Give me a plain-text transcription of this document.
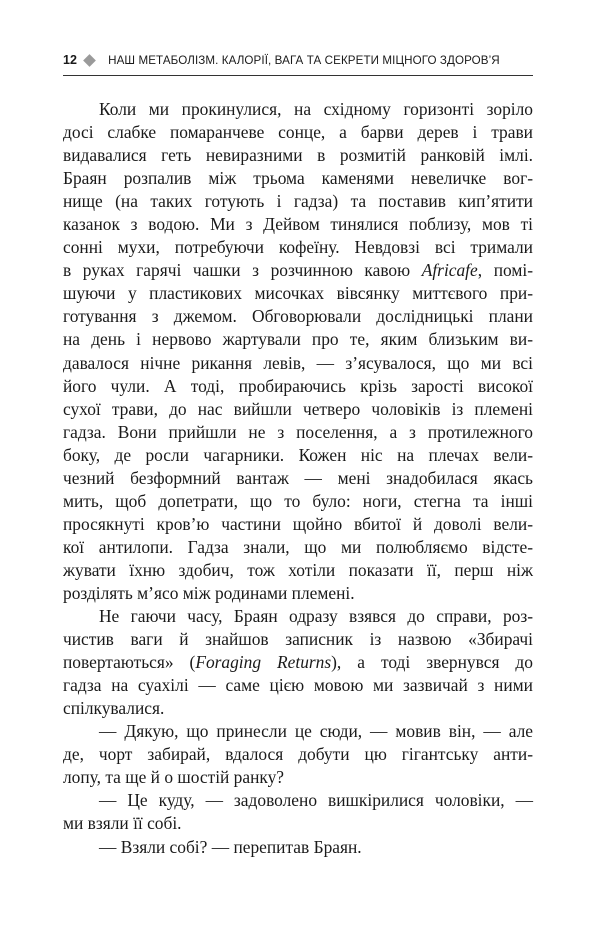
12	НАШ МЕТАБОЛІЗМ. КАЛОРІЇ, ВАГА ТА СЕКРЕТИ МІЦНОГО ЗДОРОВ’Я
Коли ми прокинулися, на східному горизонті зоріло
досі слабке помаранчеве сонце, а барви дерев і трави
видавалися геть невиразними в розмитій ранковій імлі.
Браян розпалив між трьома каменями невеличке вог-
нище (на таких готують і гадза) та поставив кип’ятити
казанок з водою. Ми з Дейвом тинялися поблизу, мов ті
сонні мухи, потребуючи кофеїну. Невдовзі всі тримали
в руках гарячі чашки з розчинною кавою Africafe, помі-
шуючи у пластикових мисочках вівсянку миттєвого при-
готування з джемом. Обговорювали дослідницькі плани
на день і нервово жартували про те, яким близьким ви-
давалося нічне рикання левів, — з’ясувалося, що ми всі
його чули. А тоді, пробираючись крізь зарості високої
сухої трави, до нас вийшли четверо чоловіків із племені
гадза. Вони прийшли не з поселення, а з протилежного
боку, де росли чагарники. Кожен ніс на плечах вели-
чезний безформний вантаж — мені знадобилася якась
мить, щоб допетрати, що то було: ноги, стегна та інші
просякнуті кров’ю частини щойно вбитої й доволі вели-
кої антилопи. Гадза знали, що ми полюбляємо відсте-
жувати їхню здобич, тож хотіли показати її, перш ніж
розділять м’ясо між родинами племені.
Не гаючи часу, Браян одразу взявся до справи, роз-
чистив ваги й знайшов записник із назвою «Збирачі
повертаються» (Foraging Returns), а тоді звернувся до
гадза на суахілі — саме цією мовою ми зазвичай з ними
спілкувалися.
— Дякую, що принесли це сюди, — мовив він, — але
де, чорт забирай, вдалося добути цю гігантську анти-
лопу, та ще й о шостій ранку?
— Це куду, — задоволено вишкірилися чоловіки, —
ми взяли її собі.
— Взяли собі? — перепитав Браян.
